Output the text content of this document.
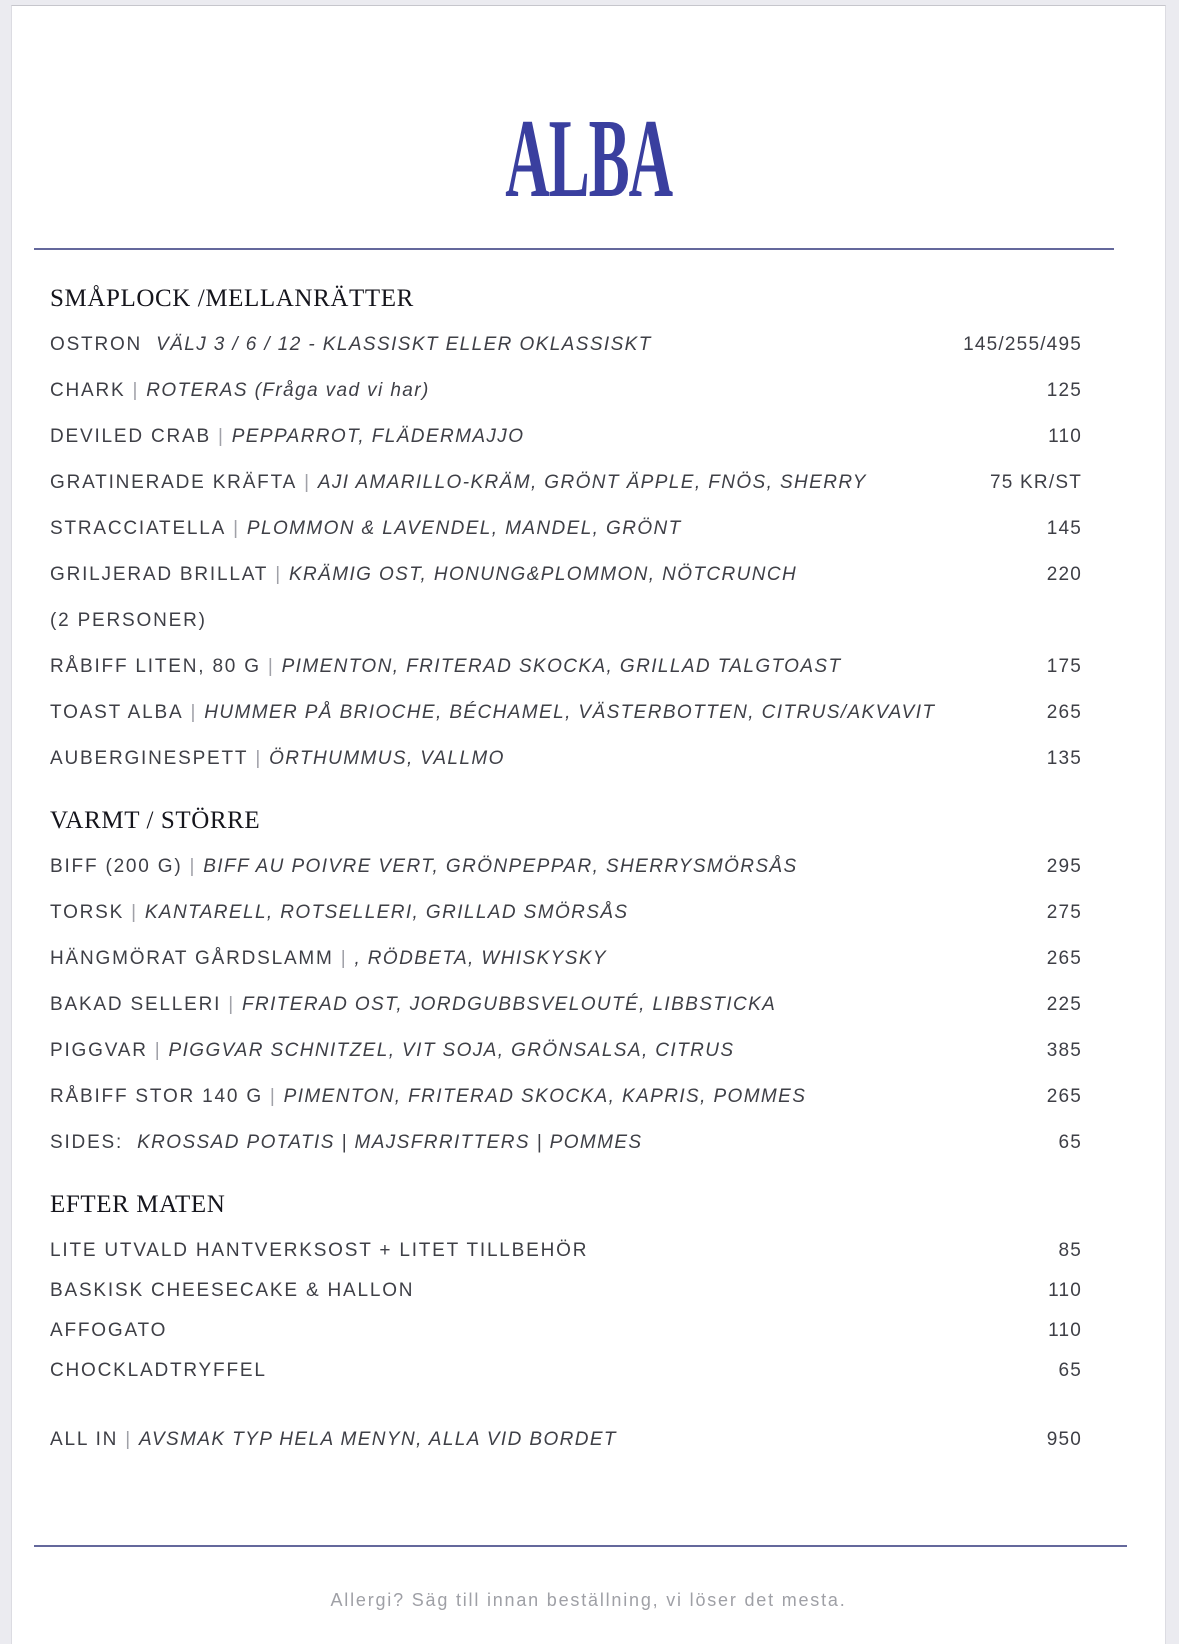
ALBA
SMÅPLOCK /MELLANRÄTTER
OSTRON VÄLJ 3 / 6 / 12 - KLASSISKT ELLER OKLASSISKT	145/255/495
CHARK | ROTERAS (Fråga vad vi har)	125
DEVILED CRAB | PEPPARROT, FLÄDERMAJJO	110
GRATINERADE KRÄFTA | AJI AMARILLO-KRÄM, GRÖNT ÄPPLE, FNÖS, SHERRY	75 KR/ST
STRACCIATELLA | PLOMMON & LAVENDEL, MANDEL, GRÖNT	145
GRILJERAD BRILLAT | KRÄMIG OST, HONUNG&PLOMMON, NÖTCRUNCH	220
(2 PERSONER)
RÅBIFF LITEN, 80 G | PIMENTON, FRITERAD SKOCKA, GRILLAD TALGTOAST	175
TOAST ALBA | HUMMER PÅ BRIOCHE, BÉCHAMEL, VÄSTERBOTTEN, CITRUS/AKVAVIT	265
AUBERGINESPETT | ÖRTHUMMUS, VALLMO	135
VARMT / STÖRRE
BIFF (200 G) | BIFF AU POIVRE VERT, GRÖNPEPPAR, SHERRYSMÖRSÅS	295
TORSK | KANTARELL, ROTSELLERI, GRILLAD SMÖRSÅS	275
HÄNGMÖRAT GÅRDSLAMM | , RÖDBETA, WHISKYSKY	265
BAKAD SELLERI | FRITERAD OST, JORDGUBBSVELOUTÉ, LIBBSTICKA	225
PIGGVAR | PIGGVAR SCHNITZEL, VIT SOJA, GRÖNSALSA, CITRUS	385
RÅBIFF STOR 140 G | PIMENTON, FRITERAD SKOCKA, KAPRIS, POMMES	265
SIDES: KROSSAD POTATIS | MAJSFRRITTERS | POMMES	65
EFTER MATEN
LITE UTVALD HANTVERKSOST + LITET TILLBEHÖR	85
BASKISK CHEESECAKE & HALLON	110
AFFOGATO	110
CHOCKLADTRYFFEL	65
ALL IN | AVSMAK TYP HELA MENYN, ALLA VID BORDET	950
Allergi? Säg till innan beställning, vi löser det mesta.
